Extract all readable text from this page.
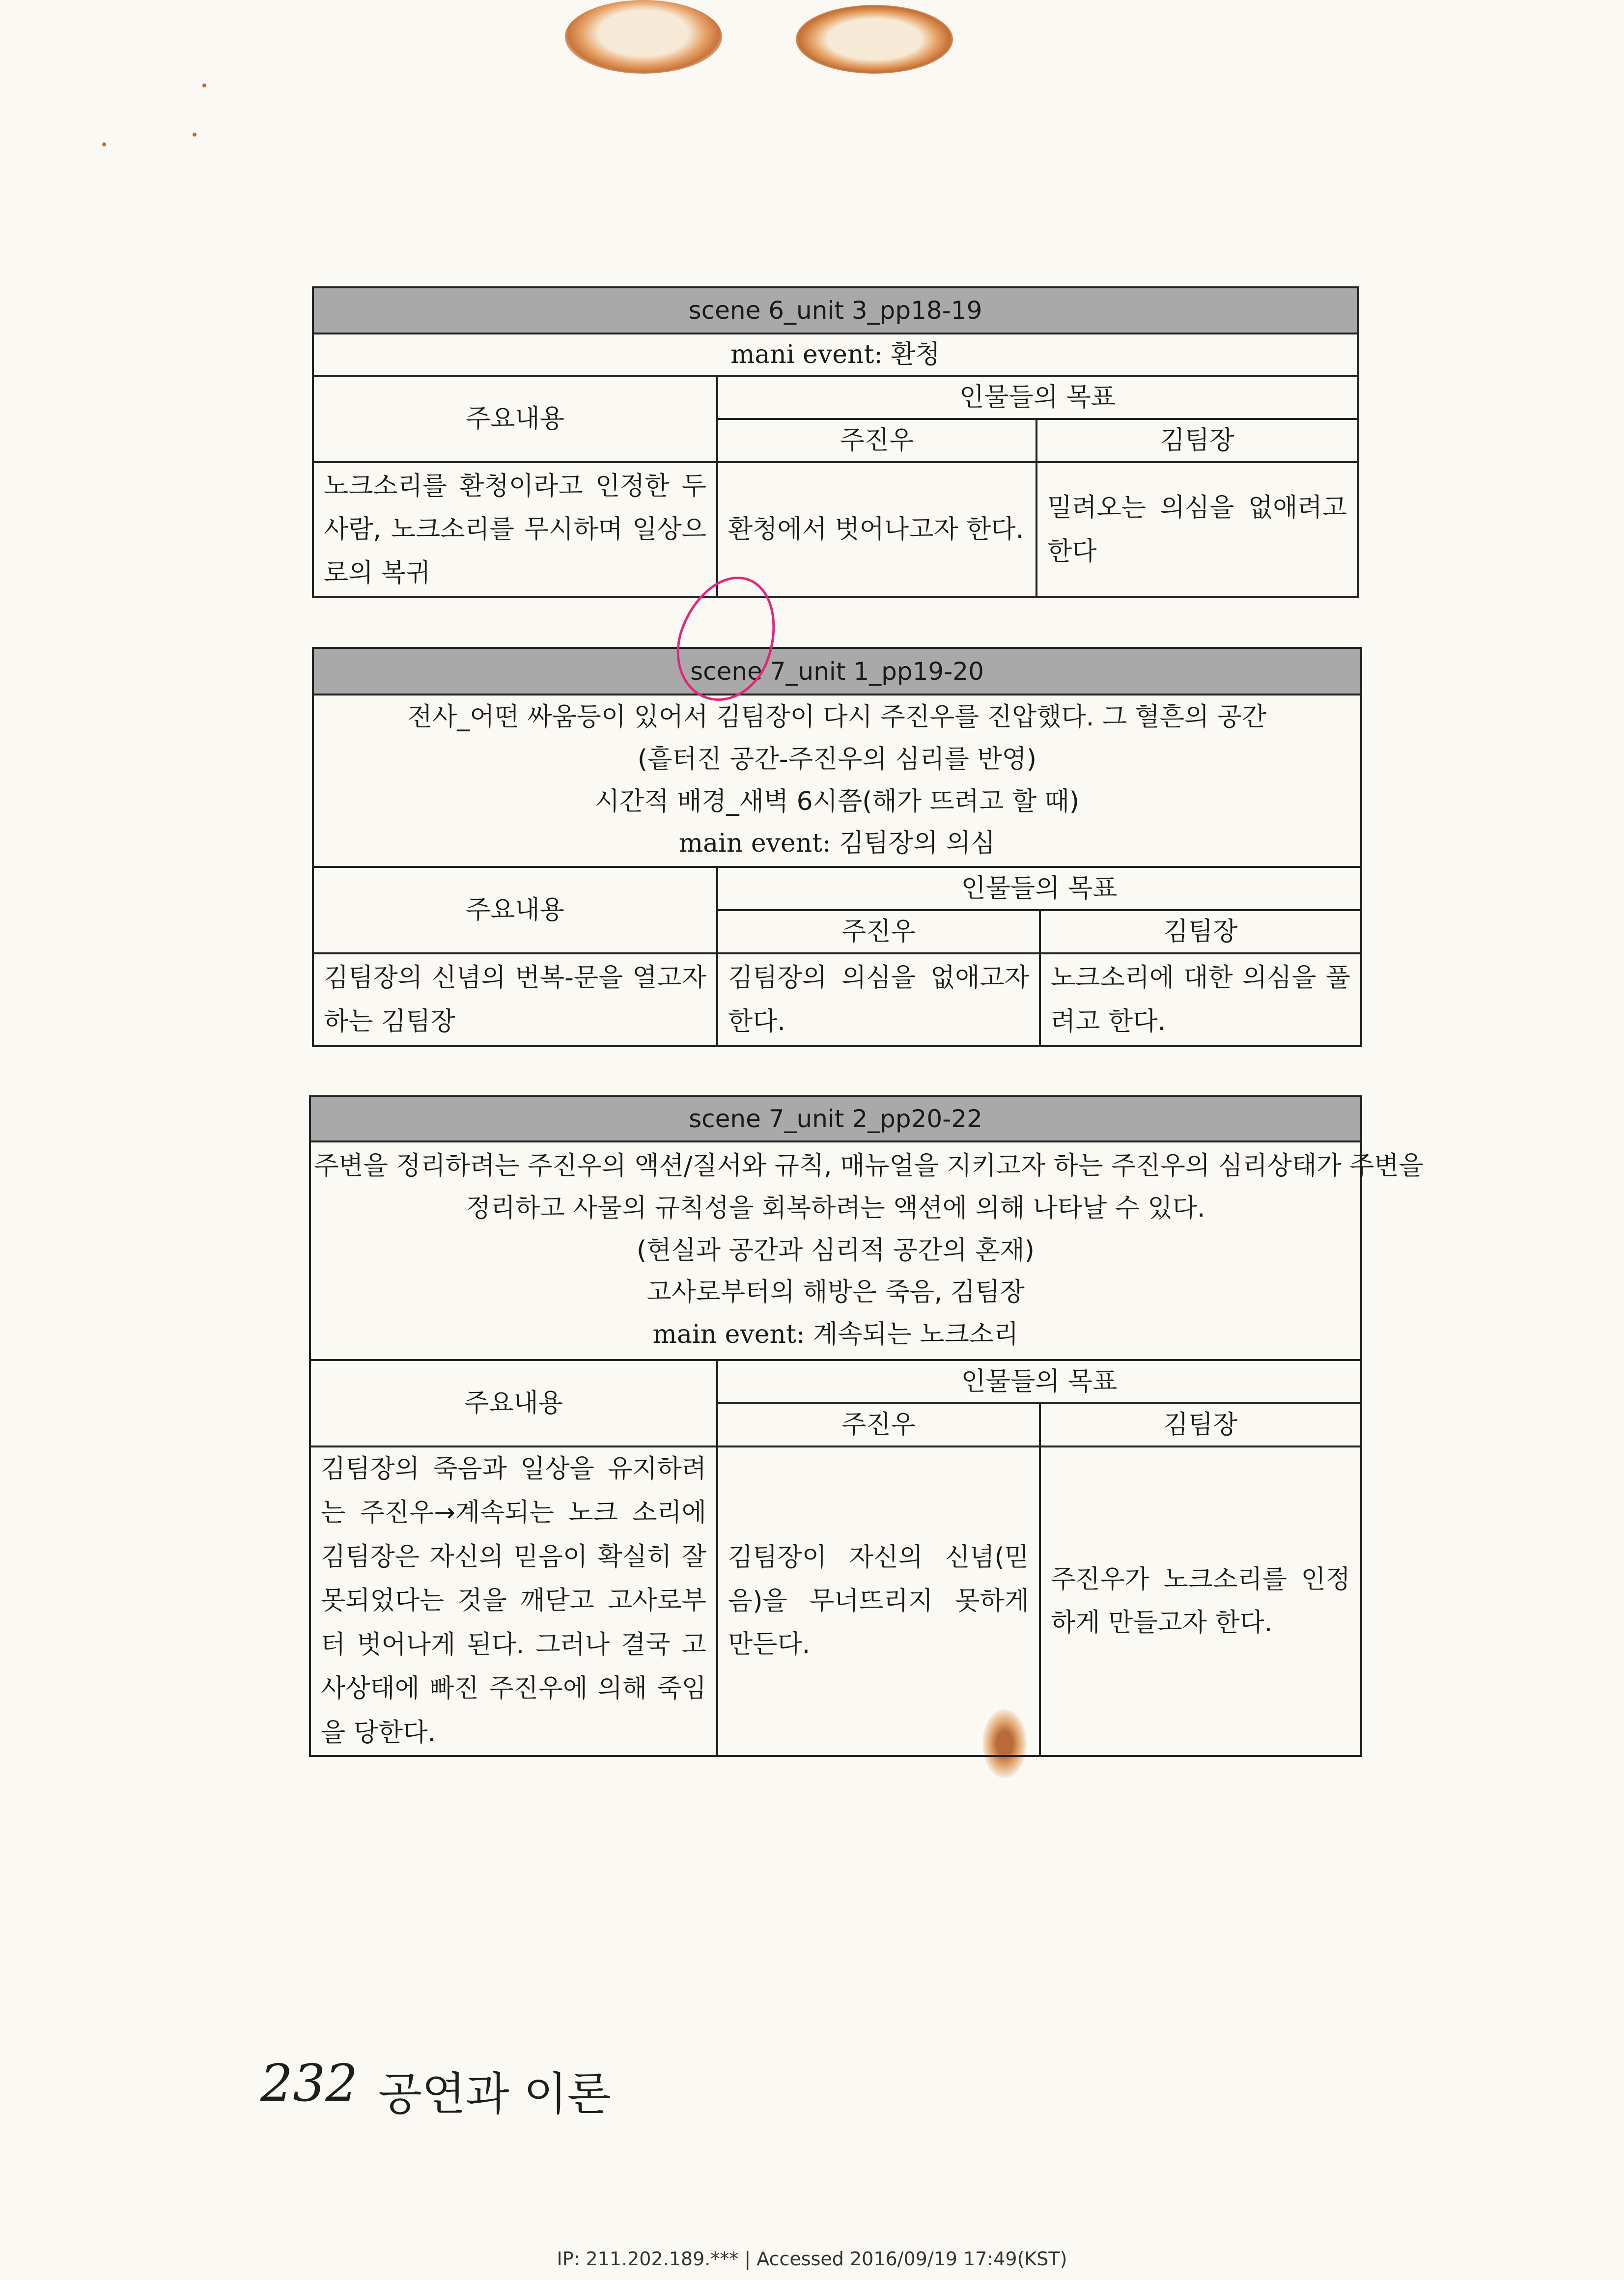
scene 6_unit 3_pp18-19		
mani event: 환청		
주요내용	인물들의 목표	
	주진우	김팀장
노크소리를 환청이라고 인정한 두 사람, 노크소리를 무시하며 일상으로의 복귀	환청에서 벗어나고자 한다.	밀려오는 의심을 없애려고 한다
scene 7_unit 1_pp19-20		

전사_어떤 싸움등이 있어서 김팀장이 다시 주진우를 진압했다. 그 혈흔의 공간
(흩터진 공간-주진우의 심리를 반영)
시간적 배경_새벽 6시쯤(해가 뜨려고 할 때)
main event: 김팀장의 의심		

주요내용	인물들의 목표	
	주진우	김팀장
김팀장의 신념의 번복-문을 열고자 하는 김팀장	김팀장의 의심을 없애고자 한다.	노크소리에 대한 의심을 풀려고 한다.
scene 7_unit 2_pp20-22		

주변을 정리하려는 주진우의 액션/질서와 규칙, 매뉴얼을 지키고자 하는 주진우의 심리상태가 주변을
정리하고 사물의 규칙성을 회복하려는 액션에 의해 나타날 수 있다.
(현실과 공간과 심리적 공간의 혼재)
고사로부터의 해방은 죽음, 김팀장
main event: 계속되는 노크소리		

주요내용	인물들의 목표	
	주진우	김팀장
김팀장의 죽음과 일상을 유지하려는 주진우→계속되는 노크 소리에 김팀장은 자신의 믿음이 확실히 잘못되었다는 것을 깨닫고 고사로부터 벗어나게 된다. 그러나 결국 고사상태에 빠진 주진우에 의해 죽임을 당한다.	김팀장이 자신의 신념(믿음)을 무너뜨리지 못하게 만든다.	주진우가 노크소리를 인정하게 만들고자 한다.
232 공연과 이론
IP: 211.202.189.*** | Accessed 2016/09/19 17:49(KST)
